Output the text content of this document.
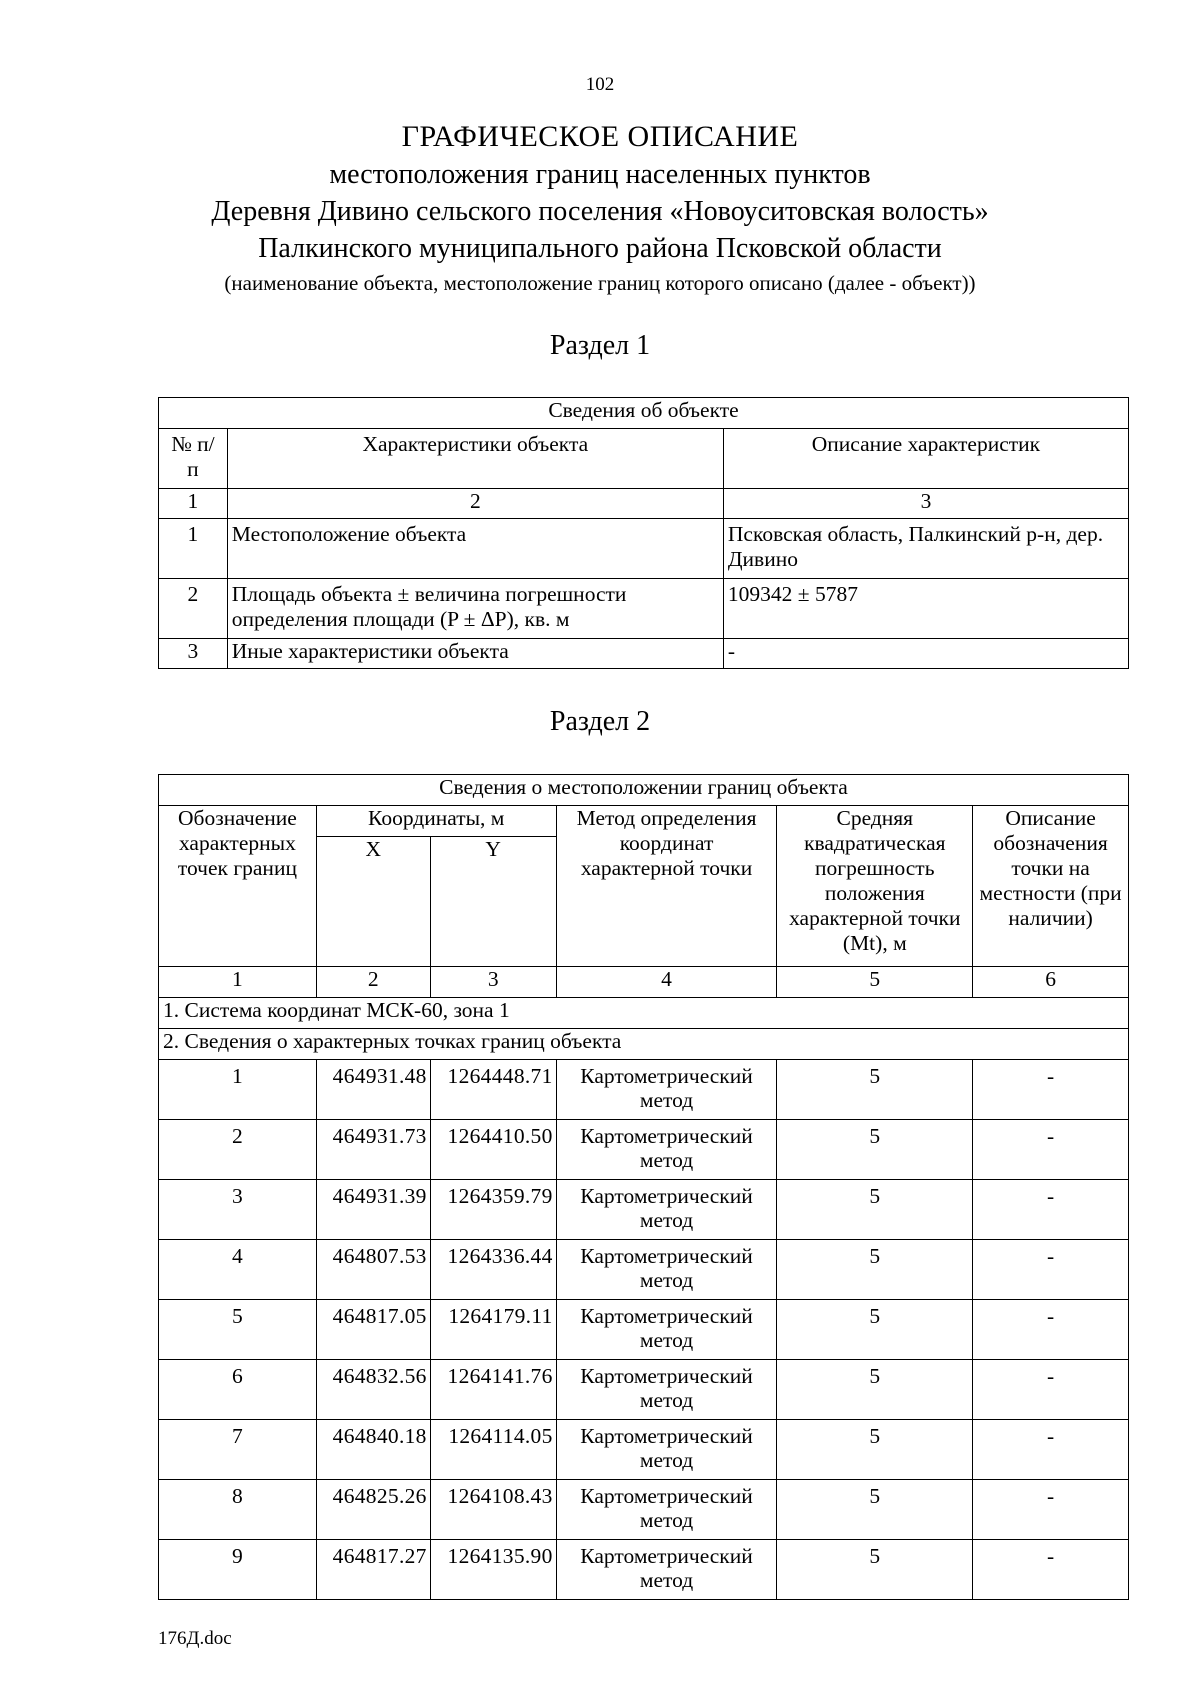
102
ГРАФИЧЕСКОЕ ОПИСАНИЕ
местоположения границ населенных пунктов
Деревня Дивино сельского поселения «Новоуситовская волость»
Палкинского муниципального района Псковской области
(наименование объекта, местоположение границ которого описано (далее - объект))
Раздел 1
Сведения об объекте		
№ п/п	Характеристики объекта	Описание характеристик
1	2	3
1	Местоположение объекта	Псковская область, Палкинский р-н, дер. Дивино
2	Площадь объекта ± величина погрешности определения площади (P ± ΔP), кв. м	109342 ± 5787
3	Иные характеристики объекта	-
Раздел 2
Сведения о местоположении границ объекта					
Обозначение характерных точек границ	Координаты, м		Метод определения координат характерной точки	Средняя квадратическая погрешность положения характерной точки (Mt), м	Описание обозначения точки на местности (при наличии)
	X	Y			
1	2	3	4	5	6
1. Система координат МСК-60, зона 1					
2. Сведения о характерных точках границ объекта					
1	464931.48	1264448.71	Картометрический метод	5	-
2	464931.73	1264410.50	Картометрический метод	5	-
3	464931.39	1264359.79	Картометрический метод	5	-
4	464807.53	1264336.44	Картометрический метод	5	-
5	464817.05	1264179.11	Картометрический метод	5	-
6	464832.56	1264141.76	Картометрический метод	5	-
7	464840.18	1264114.05	Картометрический метод	5	-
8	464825.26	1264108.43	Картометрический метод	5	-
9	464817.27	1264135.90	Картометрический метод	5	-
176Д.doc
